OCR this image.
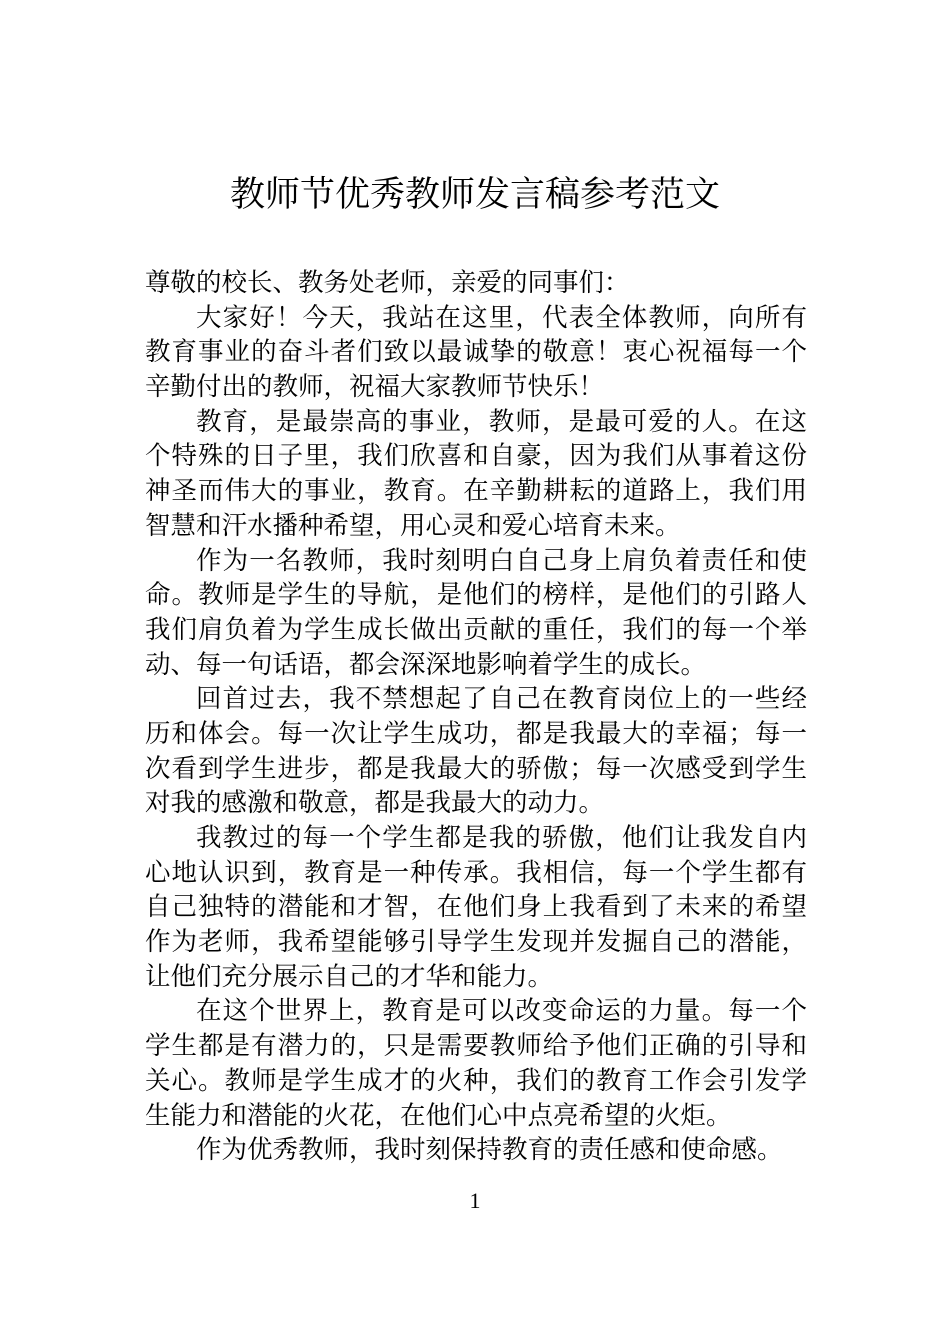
教师节优秀教师发言稿参考范文
尊敬的校长、教务处老师，亲爱的同事们：
大家好！今天，我站在这里，代表全体教师，向所有
教育事业的奋斗者们致以最诚挚的敬意！衷心祝福每一个
辛勤付出的教师，祝福大家教师节快乐！
教育，是最崇高的事业，教师，是最可爱的人。在这
个特殊的日子里，我们欣喜和自豪，因为我们从事着这份
神圣而伟大的事业，教育。在辛勤耕耘的道路上，我们用
智慧和汗水播种希望，用心灵和爱心培育未来。
作为一名教师，我时刻明白自己身上肩负着责任和使
命。教师是学生的导航，是他们的榜样，是他们的引路人
我们肩负着为学生成长做出贡献的重任，我们的每一个举
动、每一句话语，都会深深地影响着学生的成长。
回首过去，我不禁想起了自己在教育岗位上的一些经
历和体会。每一次让学生成功，都是我最大的幸福；每一
次看到学生进步，都是我最大的骄傲；每一次感受到学生
对我的感激和敬意，都是我最大的动力。
我教过的每一个学生都是我的骄傲，他们让我发自内
心地认识到，教育是一种传承。我相信，每一个学生都有
自己独特的潜能和才智，在他们身上我看到了未来的希望
作为老师，我希望能够引导学生发现并发掘自己的潜能，
让他们充分展示自己的才华和能力。
在这个世界上，教育是可以改变命运的力量。每一个
学生都是有潜力的，只是需要教师给予他们正确的引导和
关心。教师是学生成才的火种，我们的教育工作会引发学
生能力和潜能的火花，在他们心中点亮希望的火炬。
作为优秀教师，我时刻保持教育的责任感和使命感。
1
